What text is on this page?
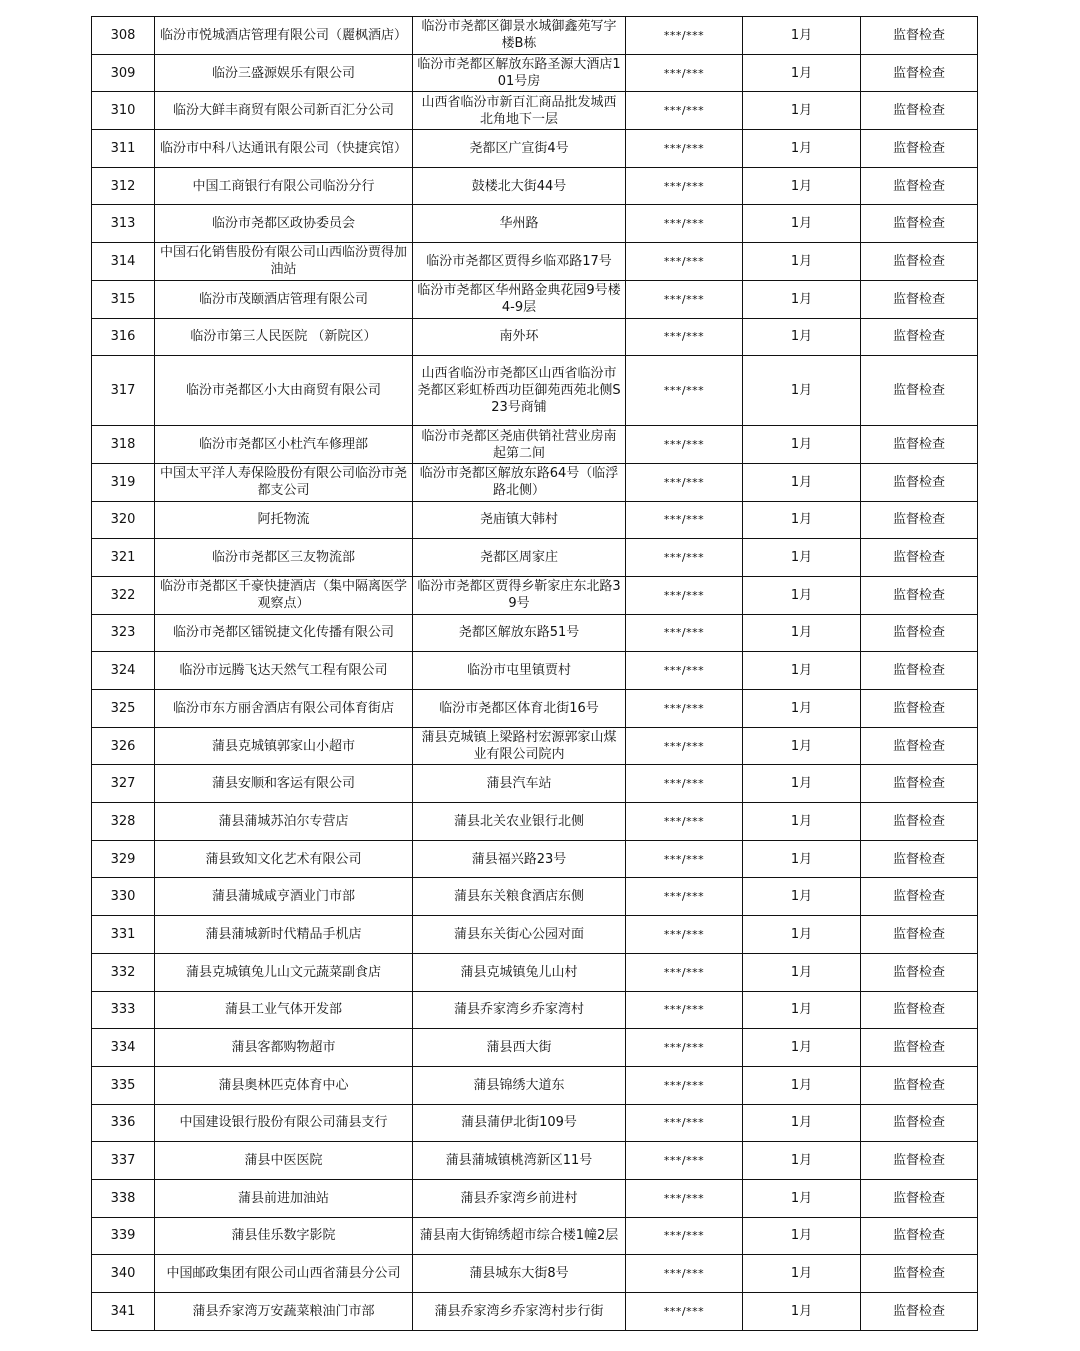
308	临汾市悦城酒店管理有限公司（麗枫酒店）	临汾市尧都区御景水城御鑫苑写字楼B栋	***/***	1月	监督检查
309	临汾三盛源娱乐有限公司	临汾市尧都区解放东路圣源大酒店101号房	***/***	1月	监督检查
310	临汾大鲜丰商贸有限公司新百汇分公司	山西省临汾市新百汇商品批发城西北角地下一层	***/***	1月	监督检查
311	临汾市中科八达通讯有限公司（快捷宾馆）	尧都区广宣街4号	***/***	1月	监督检查
312	中国工商银行有限公司临汾分行	鼓楼北大街44号	***/***	1月	监督检查
313	临汾市尧都区政协委员会	华州路	***/***	1月	监督检查
314	中国石化销售股份有限公司山西临汾贾得加油站	临汾市尧都区贾得乡临邓路17号	***/***	1月	监督检查
315	临汾市茂颐酒店管理有限公司	临汾市尧都区华州路金典花园9号楼4-9层	***/***	1月	监督检查
316	临汾市第三人民医院 （新院区）	南外环	***/***	1月	监督检查
317	临汾市尧都区小大由商贸有限公司	山西省临汾市尧都区山西省临汾市尧都区彩虹桥西功臣御苑西苑北侧S23号商铺	***/***	1月	监督检查
318	临汾市尧都区小杜汽车修理部	临汾市尧都区尧庙供销社营业房南起第二间	***/***	1月	监督检查
319	中国太平洋人寿保险股份有限公司临汾市尧都支公司	临汾市尧都区解放东路64号（临浮路北侧）	***/***	1月	监督检查
320	阿托物流	尧庙镇大韩村	***/***	1月	监督检查
321	临汾市尧都区三友物流部	尧都区周家庄	***/***	1月	监督检查
322	临汾市尧都区千豪快捷酒店（集中隔离医学观察点）	临汾市尧都区贾得乡靳家庄东北路39号	***/***	1月	监督检查
323	临汾市尧都区镭锐捷文化传播有限公司	尧都区解放东路51号	***/***	1月	监督检查
324	临汾市远腾飞达天然气工程有限公司	临汾市屯里镇贾村	***/***	1月	监督检查
325	临汾市东方丽舍酒店有限公司体育街店	临汾市尧都区体育北街16号	***/***	1月	监督检查
326	蒲县克城镇郭家山小超市	蒲县克城镇上梁路村宏源郭家山煤业有限公司院内	***/***	1月	监督检查
327	蒲县安顺和客运有限公司	蒲县汽车站	***/***	1月	监督检查
328	蒲县蒲城苏泊尔专营店	蒲县北关农业银行北侧	***/***	1月	监督检查
329	蒲县致知文化艺术有限公司	蒲县福兴路23号	***/***	1月	监督检查
330	蒲县蒲城咸亨酒业门市部	蒲县东关粮食酒店东侧	***/***	1月	监督检查
331	蒲县蒲城新时代精品手机店	蒲县东关街心公园对面	***/***	1月	监督检查
332	蒲县克城镇兔儿山文元蔬菜副食店	蒲县克城镇兔儿山村	***/***	1月	监督检查
333	蒲县工业气体开发部	蒲县乔家湾乡乔家湾村	***/***	1月	监督检查
334	蒲县客都购物超市	蒲县西大街	***/***	1月	监督检查
335	蒲县奥林匹克体育中心	蒲县锦绣大道东	***/***	1月	监督检查
336	中国建设银行股份有限公司蒲县支行	蒲县蒲伊北街109号	***/***	1月	监督检查
337	蒲县中医医院	蒲县蒲城镇桃湾新区11号	***/***	1月	监督检查
338	蒲县前进加油站	蒲县乔家湾乡前进村	***/***	1月	监督检查
339	蒲县佳乐数字影院	蒲县南大街锦绣超市综合楼1幢2层	***/***	1月	监督检查
340	中国邮政集团有限公司山西省蒲县分公司	蒲县城东大街8号	***/***	1月	监督检查
341	蒲县乔家湾万安蔬菜粮油门市部	蒲县乔家湾乡乔家湾村步行街	***/***	1月	监督检查
